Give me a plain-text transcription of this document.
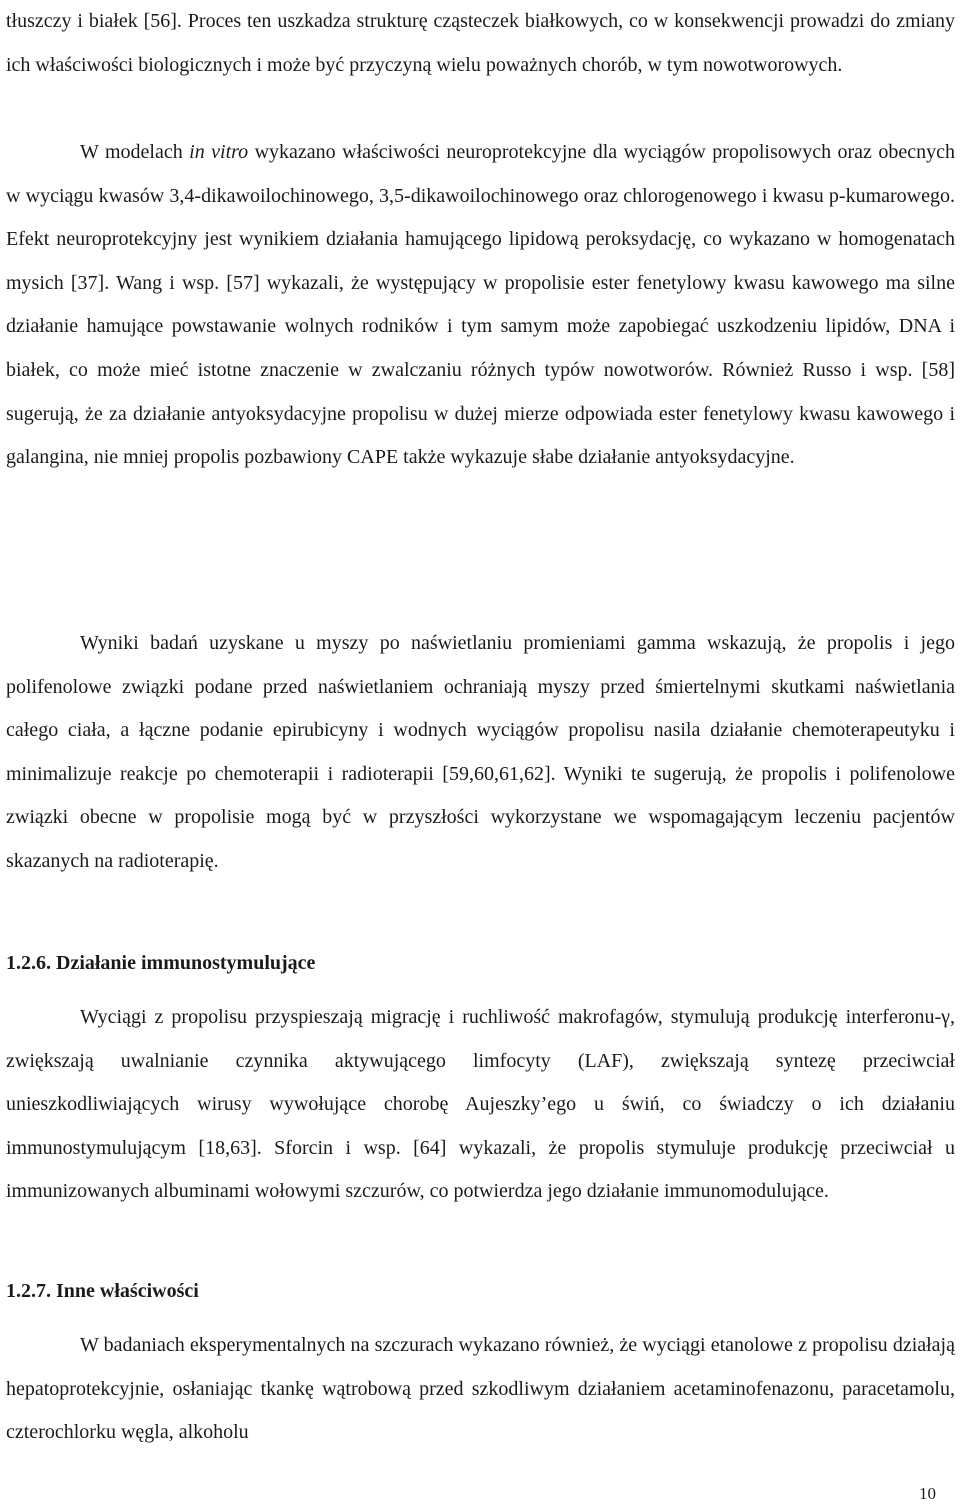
tłuszczy i białek [56]. Proces ten uszkadza strukturę cząsteczek białkowych, co w konsekwencji prowadzi do zmiany ich właściwości biologicznych i może być przyczyną wielu poważnych chorób, w tym nowotworowych.

W modelach in vitro wykazano właściwości neuroprotekcyjne dla wyciągów propolisowych oraz obecnych w wyciągu kwasów 3,4-dikawoilochinowego, 3,5-dikawoilochinowego oraz chlorogenowego i kwasu p-kumarowego. Efekt neuroprotekcyjny jest wynikiem działania hamującego lipidową peroksydację, co wykazano w homogenatach mysich [37]. Wang i wsp. [57] wykazali, że występujący w propolisie ester fenetylowy kwasu kawowego ma silne działanie hamujące powstawanie wolnych rodników i tym samym może zapobiegać uszkodzeniu lipidów, DNA i białek, co może mieć istotne znaczenie w zwalczaniu różnych typów nowotworów. Również Russo i wsp. [58] sugerują, że za działanie antyoksydacyjne propolisu w dużej mierze odpowiada ester fenetylowy kwasu kawowego i galangina, nie mniej propolis pozbawiony CAPE także wykazuje słabe działanie antyoksydacyjne.

Wyniki badań uzyskane u myszy po naświetlaniu promieniami gamma wskazują, że propolis i jego polifenolowe związki podane przed naświetlaniem ochraniają myszy przed śmiertelnymi skutkami naświetlania całego ciała, a łączne podanie epirubicyny i wodnych wyciągów propolisu nasila działanie chemoterapeutyku i minimalizuje reakcje po chemoterapii i radioterapii [59,60,61,62]. Wyniki te sugerują, że propolis i polifenolowe związki obecne w propolisie mogą być w przyszłości wykorzystane we wspomagającym leczeniu pacjentów skazanych na radioterapię.

1.2.6. Działanie immunostymulujące

Wyciągi z propolisu przyspieszają migrację i ruchliwość makrofagów, stymulują produkcję interferonu-γ, zwiększają uwalnianie czynnika aktywującego limfocyty (LAF), zwiększają syntezę przeciwciał unieszkodliwiających wirusy wywołujące chorobę Aujeszky’ego u świń, co świadczy o ich działaniu immunostymulującym [18,63]. Sforcin i wsp. [64] wykazali, że propolis stymuluje produkcję przeciwciał u immunizowanych albuminami wołowymi szczurów, co potwierdza jego działanie immunomodulujące.

1.2.7. Inne właściwości

W badaniach eksperymentalnych na szczurach wykazano również, że wyciągi etanolowe z propolisu działają hepatoprotekcyjnie, osłaniając tkankę wątrobową przed szkodliwym działaniem acetaminofenazonu, paracetamolu, czterochlorku węgla, alkoholu

10
